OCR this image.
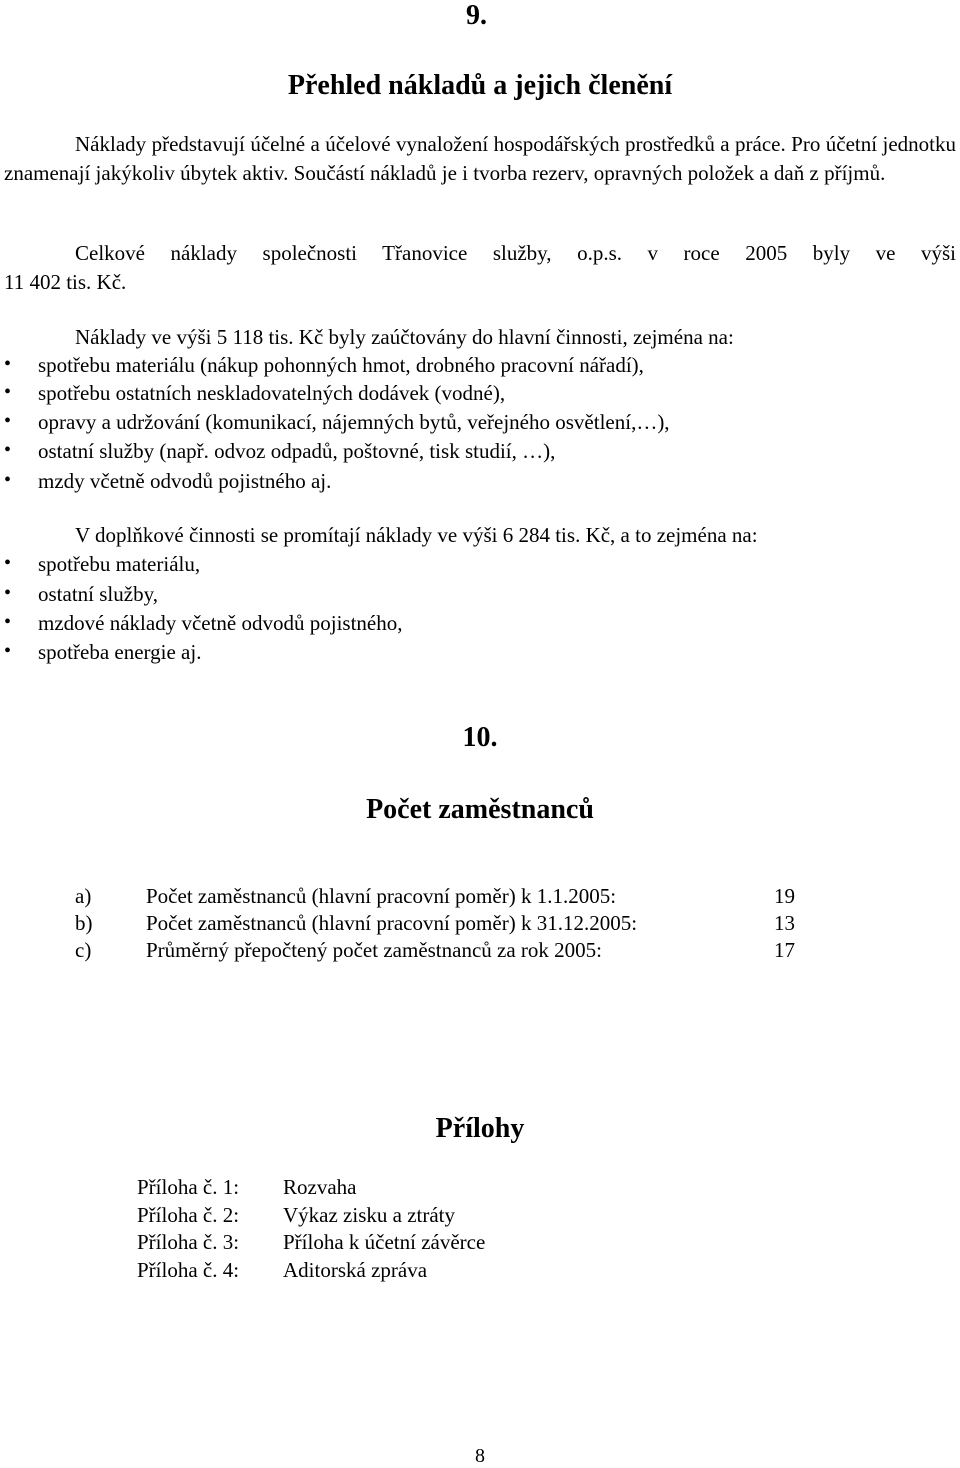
9.
Přehled nákladů a jejich členění
Náklady představují účelné a účelové vynaložení hospodářských prostředků a práce. Pro účetní jednotku znamenají jakýkoliv úbytek aktiv. Součástí nákladů je i tvorba rezerv, opravných položek a daň z příjmů.
Celkové náklady společnosti Třanovice služby, o.p.s. v roce 2005 byly ve výši
11 402 tis. Kč.
Náklady ve výši 5 118 tis. Kč byly zaúčtovány do hlavní činnosti, zejména na:
• spotřebu materiálu (nákup pohonných hmot, drobného pracovní nářadí),
• spotřebu ostatních neskladovatelných dodávek (vodné),
• opravy a udržování (komunikací, nájemných bytů, veřejného osvětlení,…),
• ostatní služby (např. odvoz odpadů, poštovné, tisk studií, …),
• mzdy včetně odvodů pojistného aj.
V doplňkové činnosti se promítají náklady ve výši 6 284 tis. Kč, a to zejména na:
• spotřebu materiálu,
• ostatní služby,
• mzdové náklady včetně odvodů pojistného,
• spotřeba energie aj.
10.
Počet zaměstnanců
a)	Počet zaměstnanců (hlavní pracovní poměr) k 1.1.2005:	19
b)	Počet zaměstnanců (hlavní pracovní poměr) k 31.12.2005:	13
c)	Průměrný přepočtený počet zaměstnanců za rok 2005:	17
Přílohy
Příloha č. 1: Rozvaha
Příloha č. 2: Výkaz zisku a ztráty
Příloha č. 3: Příloha k účetní závěrce
Příloha č. 4: Aditorská zpráva
8
